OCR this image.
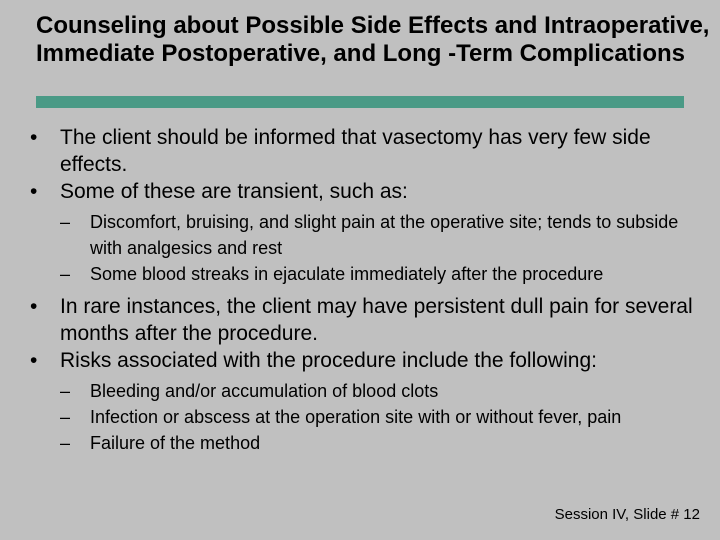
Counseling about Possible Side Effects and Intraoperative, Immediate Postoperative, and Long -Term Complications
• The client should be informed that vasectomy has very few side effects.
• Some of these are transient, such as:
– Discomfort, bruising, and slight pain at the operative site; tends to subside with analgesics and rest
– Some blood streaks in ejaculate immediately after the procedure
• In rare instances, the client may have persistent dull pain for several months after the procedure.
• Risks associated with the procedure include the following:
– Bleeding and/or accumulation of blood clots
– Infection or abscess at the operation site with or without fever, pain
– Failure of the method
Session IV, Slide # 12
